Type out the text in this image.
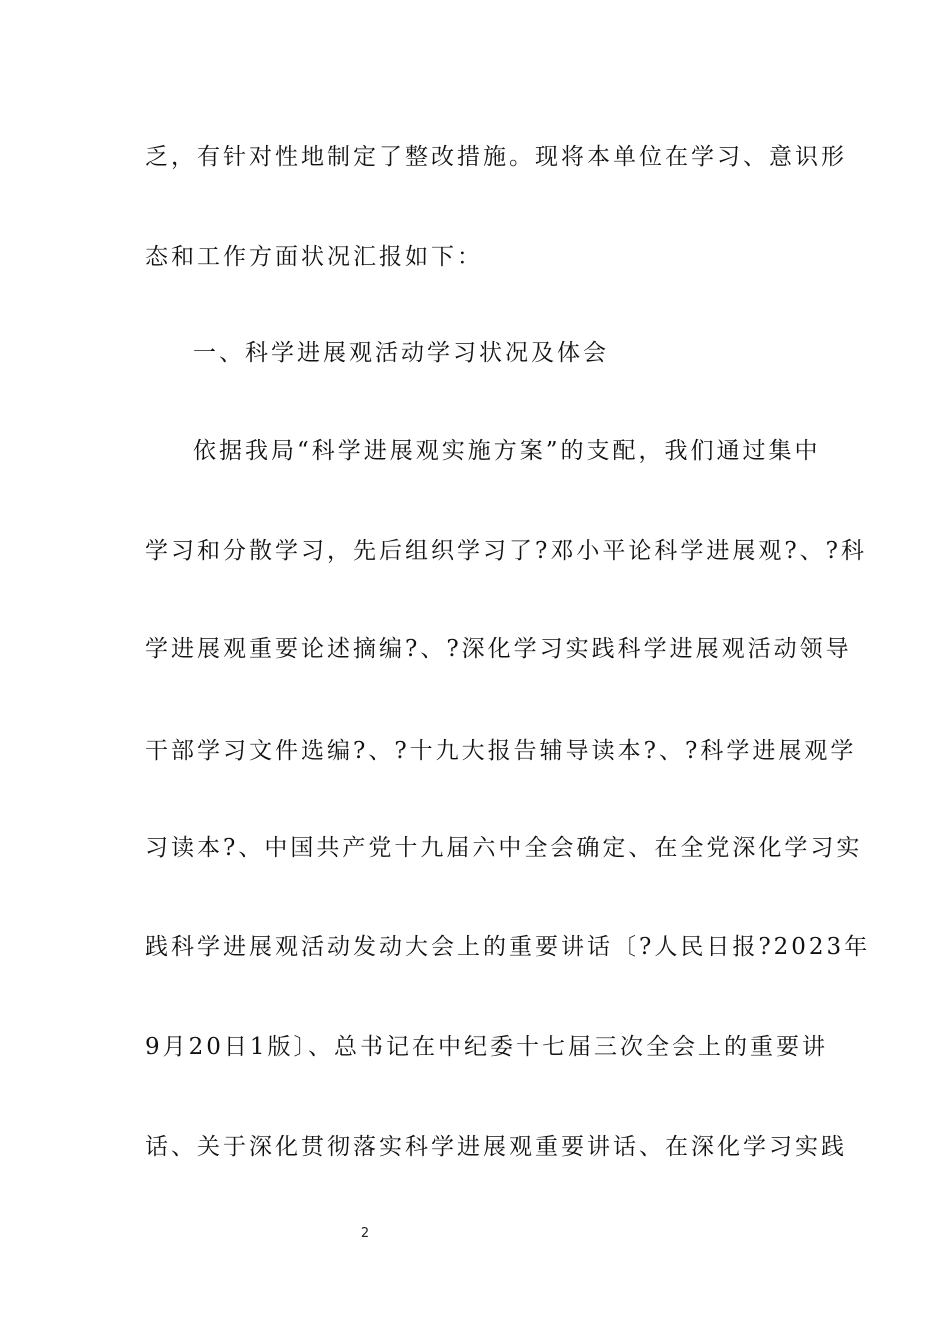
乏，有针对性地制定了整改措施。现将本单位在学习、意识形
态和工作方面状况汇报如下：
一、科学进展观活动学习状况及体会
依据我局“科学进展观实施方案”的支配，我们通过集中
学习和分散学习，先后组织学习了?邓小平论科学进展观?、?科
学进展观重要论述摘编?、?深化学习实践科学进展观活动领导
干部学习文件选编?、?十九大报告辅导读本?、?科学进展观学
习读本?、中国共产党十九届六中全会确定、在全党深化学习实
践科学进展观活动发动大会上的重要讲话〔?人民日报?2023年
9月20日1版〕、总书记在中纪委十七届三次全会上的重要讲
话、关于深化贯彻落实科学进展观重要讲话、在深化学习实践
2
